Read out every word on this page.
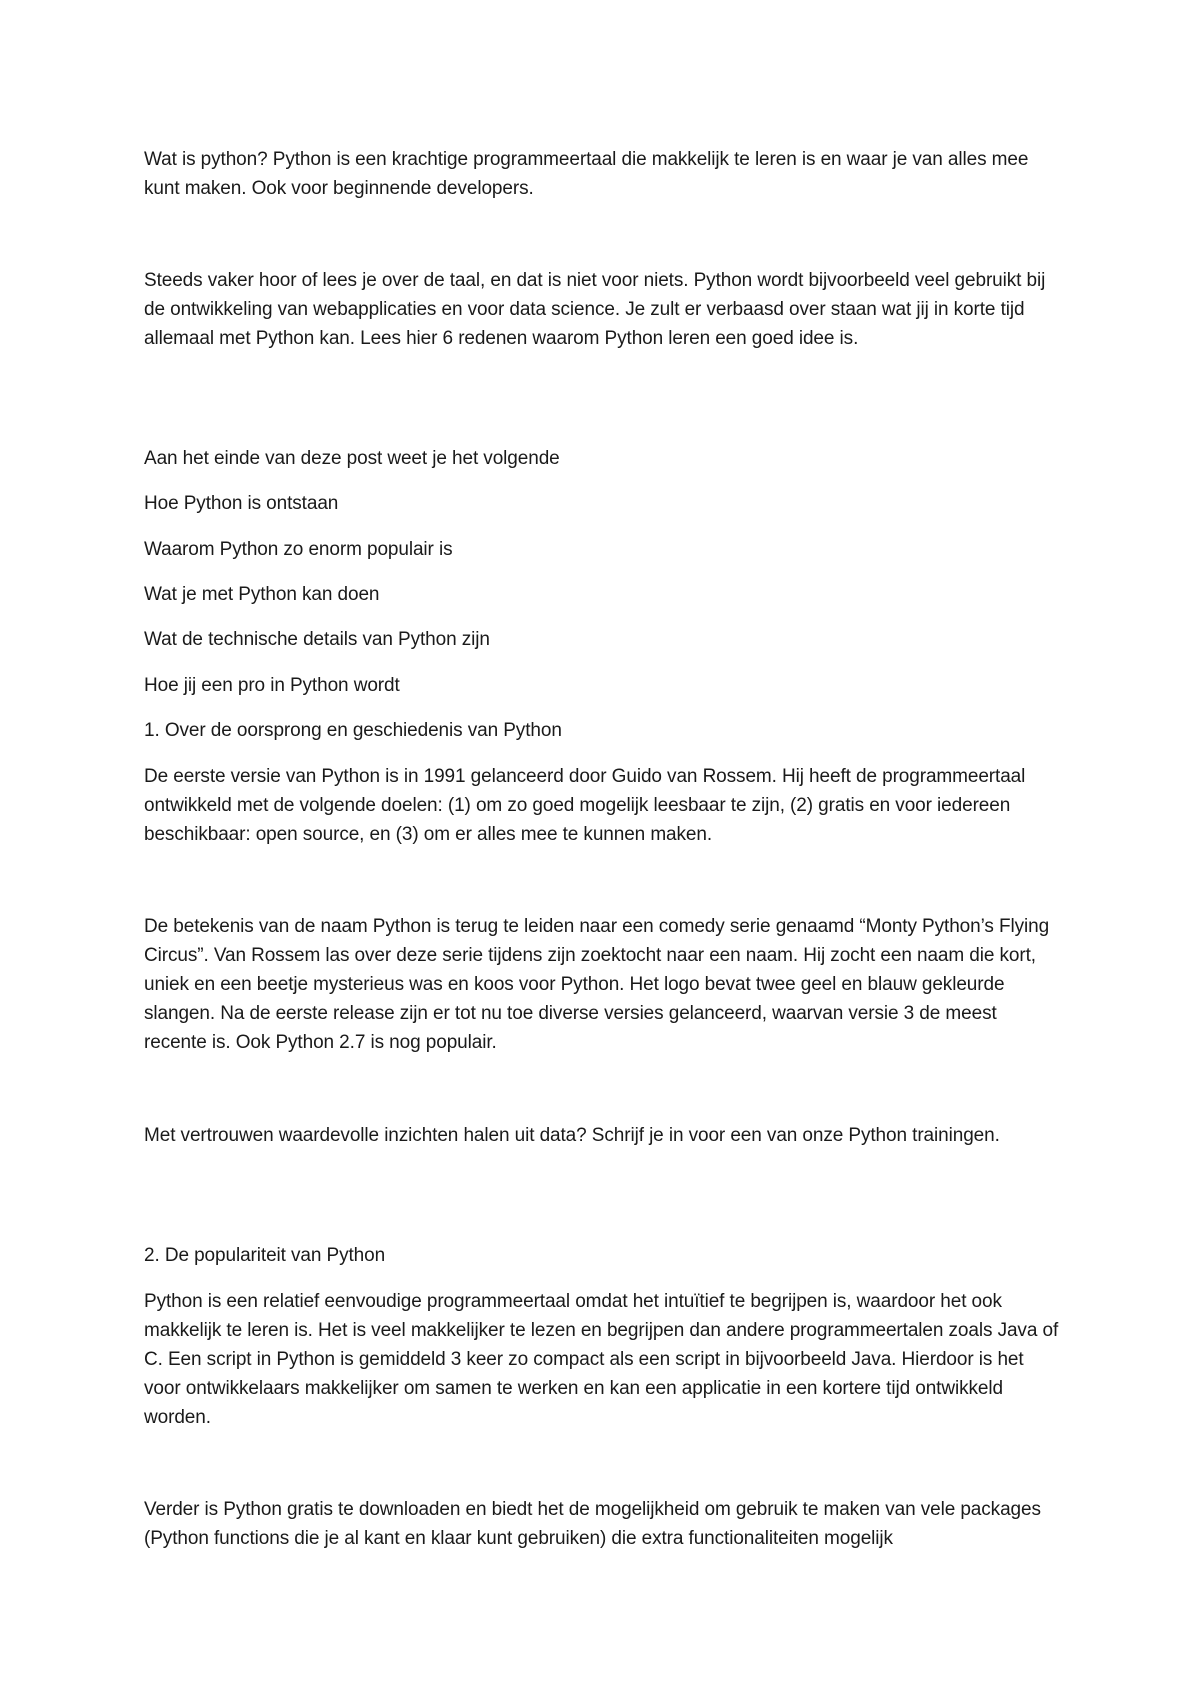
Wat is python? Python is een krachtige programmeertaal die makkelijk te leren is en waar je van alles mee kunt maken. Ook voor beginnende developers.

Steeds vaker hoor of lees je over de taal, en dat is niet voor niets. Python wordt bijvoorbeeld veel gebruikt bij de ontwikkeling van webapplicaties en voor data science. Je zult er verbaasd over staan wat jij in korte tijd allemaal met Python kan. Lees hier 6 redenen waarom Python leren een goed idee is.

Aan het einde van deze post weet je het volgende

Hoe Python is ontstaan

Waarom Python zo enorm populair is

Wat je met Python kan doen

Wat de technische details van Python zijn

Hoe jij een pro in Python wordt

1. Over de oorsprong en geschiedenis van Python

De eerste versie van Python is in 1991 gelanceerd door Guido van Rossem. Hij heeft de programmeertaal ontwikkeld met de volgende doelen: (1) om zo goed mogelijk leesbaar te zijn, (2) gratis en voor iedereen beschikbaar: open source, en (3) om er alles mee te kunnen maken.

De betekenis van de naam Python is terug te leiden naar een comedy serie genaamd “Monty Python’s Flying Circus”. Van Rossem las over deze serie tijdens zijn zoektocht naar een naam. Hij zocht een naam die kort, uniek en een beetje mysterieus was en koos voor Python. Het logo bevat twee geel en blauw gekleurde slangen. Na de eerste release zijn er tot nu toe diverse versies gelanceerd, waarvan versie 3 de meest recente is. Ook Python 2.7 is nog populair.

Met vertrouwen waardevolle inzichten halen uit data? Schrijf je in voor een van onze Python trainingen.

2. De populariteit van Python

Python is een relatief eenvoudige programmeertaal omdat het intuïtief te begrijpen is, waardoor het ook makkelijk te leren is. Het is veel makkelijker te lezen en begrijpen dan andere programmeertalen zoals Java of C. Een script in Python is gemiddeld 3 keer zo compact als een script in bijvoorbeeld Java. Hierdoor is het voor ontwikkelaars makkelijker om samen te werken en kan een applicatie in een kortere tijd ontwikkeld worden.

Verder is Python gratis te downloaden en biedt het de mogelijkheid om gebruik te maken van vele packages (Python functions die je al kant en klaar kunt gebruiken) die extra functionaliteiten mogelijk
